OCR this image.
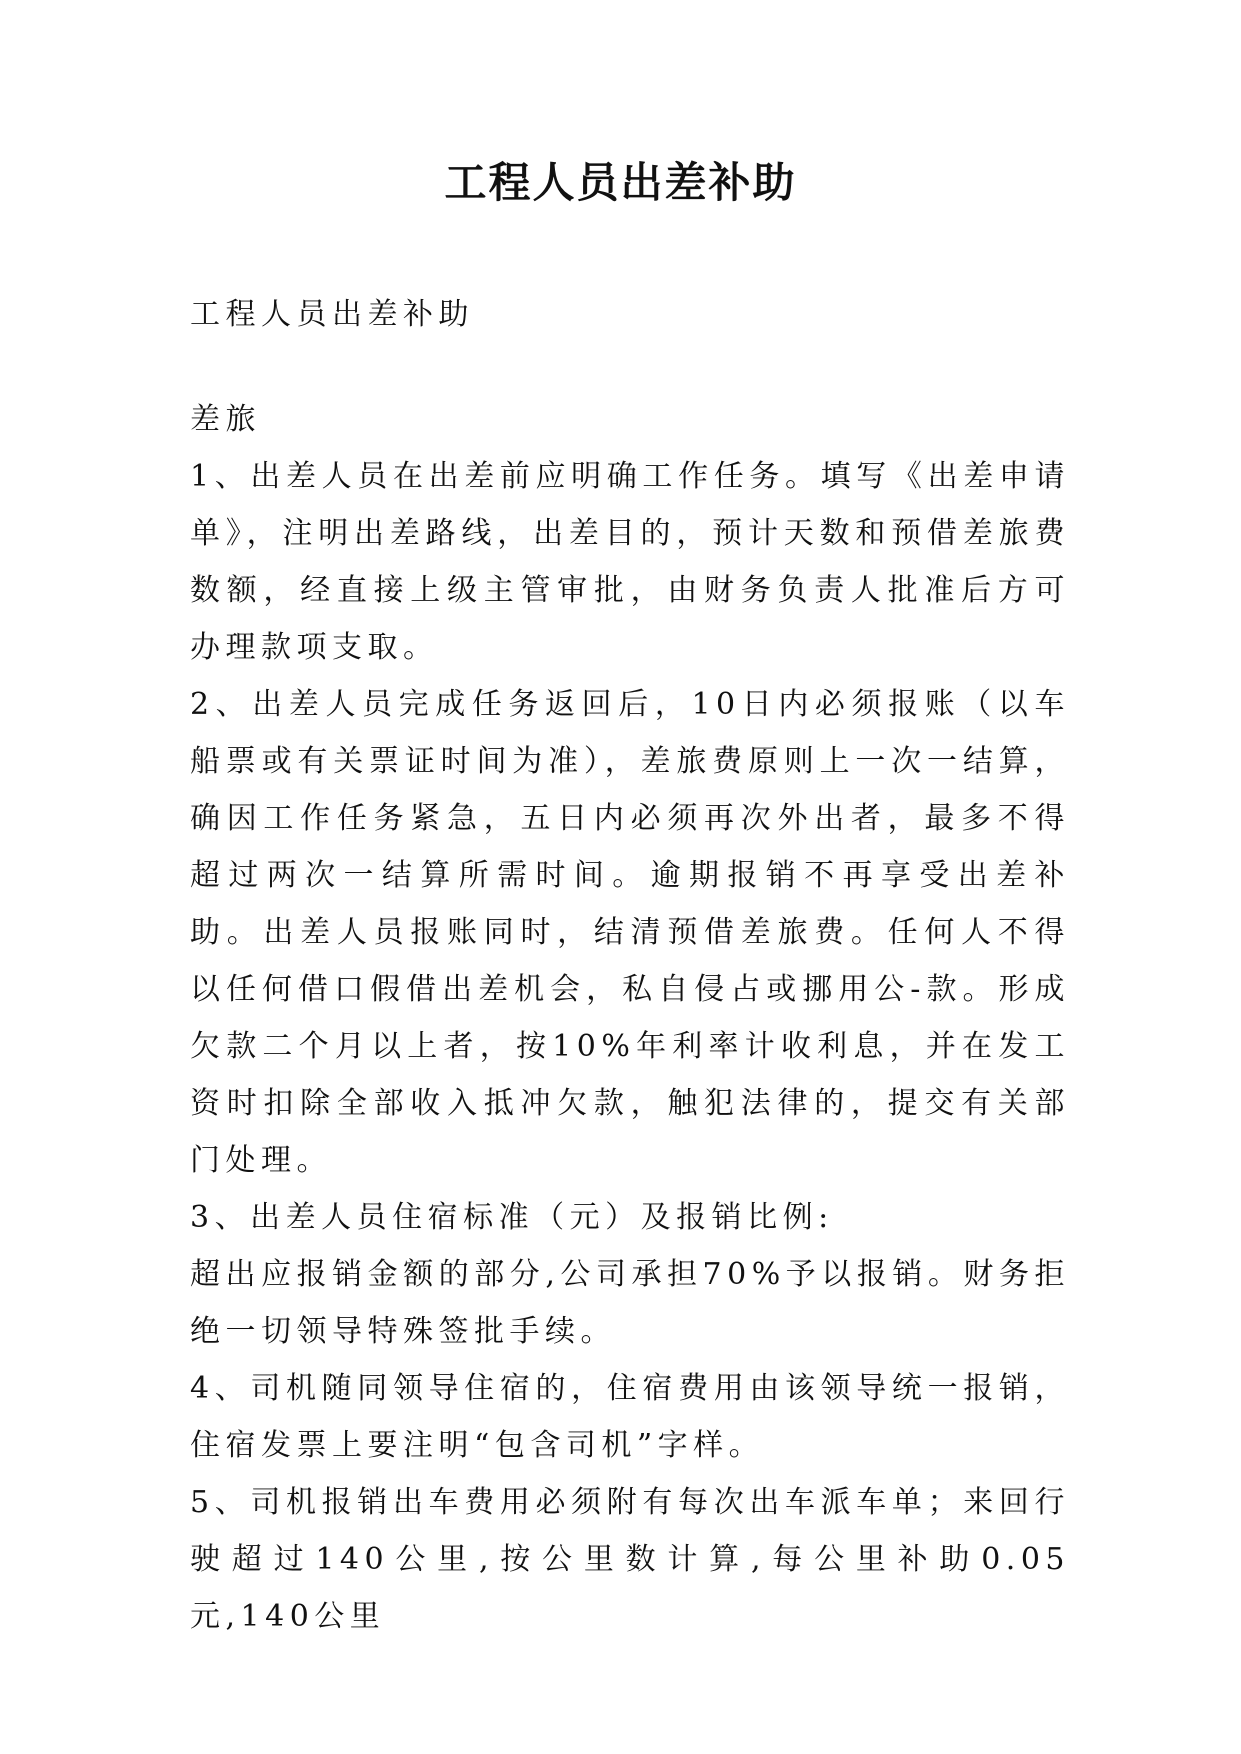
工程人员出差补助

工程人员出差补助

差旅

1、出差人员在出差前应明确工作任务。填写《出差申请单》，注明出差路线，出差目的，预计天数和预借差旅费数额，经直接上级主管审批，由财务负责人批准后方可办理款项支取。

2、出差人员完成任务返回后，10日内必须报账（以车船票或有关票证时间为准），差旅费原则上一次一结算，确因工作任务紧急，五日内必须再次外出者，最多不得超过两次一结算所需时间。逾期报销不再享受出差补助。出差人员报账同时，结清预借差旅费。任何人不得以任何借口假借出差机会，私自侵占或挪用公-款。形成欠款二个月以上者，按10%年利率计收利息，并在发工资时扣除全部收入抵冲欠款，触犯法律的，提交有关部门处理。

3、出差人员住宿标准（元）及报销比例:

超出应报销金额的部分,公司承担70%予以报销。财务拒绝一切领导特殊签批手续。

4、司机随同领导住宿的，住宿费用由该领导统一报销，住宿发票上要注明“包含司机”字样。

5、司机报销出车费用必须附有每次出车派车单；来回行驶超过140公里,按公里数计算,每公里补助0.05元,140公里
